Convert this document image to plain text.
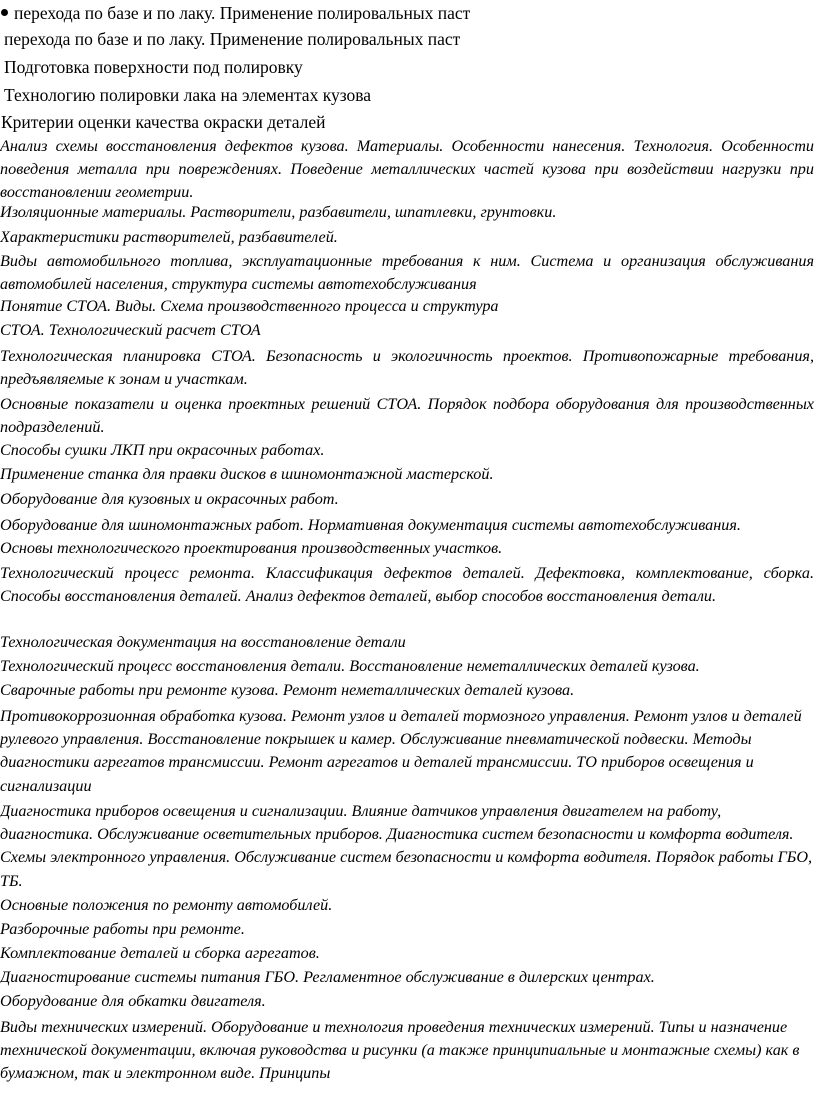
перехода по базе и по лаку. Применение полировальных паст
перехода по базе и по лаку. Применение полировальных паст
Подготовка поверхности под полировку
Технологию полировки лака на элементах кузова
Критерии оценки качества окраски деталей
Анализ схемы восстановления дефектов кузова. Материалы. Особенности нанесения. Технология. Особенности поведения металла при повреждениях. Поведение металлических частей кузова при воздействии нагрузки при восстановлении геометрии.
Изоляционные материалы. Растворители, разбавители, шпатлевки, грунтовки.
Характеристики растворителей, разбавителей.
Виды автомобильного топлива, эксплуатационные требования к ним. Система и организация обслуживания автомобилей населения, структура системы автотехобслуживания
Понятие СТОА. Виды. Схема производственного процесса и структура
СТОА. Технологический расчет СТОА
Технологическая планировка СТОА. Безопасность и экологичность проектов. Противопожарные требования, предъявляемые к зонам и участкам.
Основные показатели и оценка проектных решений СТОА. Порядок подбора оборудования для производственных подразделений.
Способы сушки ЛКП при окрасочных работах.
Применение станка для правки дисков в шиномонтажной мастерской.
Оборудование для кузовных и окрасочных работ.
Оборудование для шиномонтажных работ. Нормативная документация системы автотехобслуживания. Основы технологического проектирования производственных участков.
Технологический процесс ремонта. Классификация дефектов деталей. Дефектовка, комплектование, сборка. Способы восстановления деталей. Анализ дефектов деталей, выбор способов восстановления детали.
Технологическая документация на восстановление детали
Технологический процесс восстановления детали. Восстановление неметаллических деталей кузова.
Сварочные работы при ремонте кузова. Ремонт неметаллических деталей кузова.
Противокоррозионная обработка кузова. Ремонт узлов и деталей тормозного управления. Ремонт узлов и деталей рулевого управления. Восстановление покрышек и камер. Обслуживание пневматической подвески. Методы диагностики агрегатов трансмиссии. Ремонт агрегатов и деталей трансмиссии. ТО приборов освещения и сигнализации
Диагностика приборов освещения и сигнализации. Влияние датчиков управления двигателем на работу, диагностика. Обслуживание осветительных приборов. Диагностика систем безопасности и комфорта водителя. Схемы электронного управления. Обслуживание систем безопасности и комфорта водителя. Порядок работы ГБО, ТБ.
Основные положения по ремонту автомобилей.
Разборочные работы при ремонте.
Комплектование деталей и сборка агрегатов.
Диагностирование системы питания ГБО. Регламентное обслуживание в дилерских центрах.
Оборудование для обкатки двигателя.
Виды технических измерений. Оборудование и технология проведения технических измерений. Типы и назначение технической документации, включая руководства и рисунки (а также принципиальные и монтажные схемы) как в бумажном, так и электронном виде. Принципы
